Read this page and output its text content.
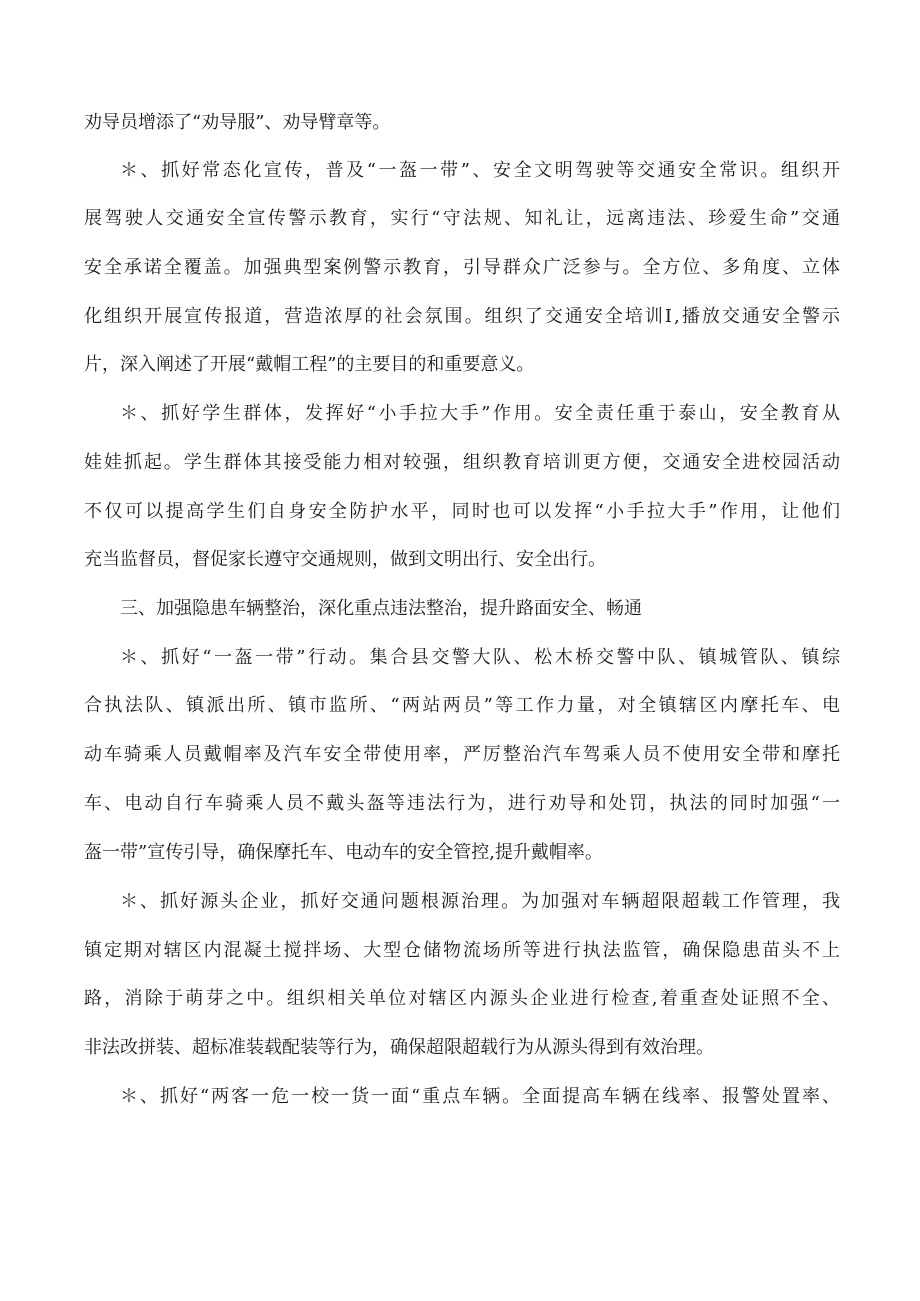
劝导员增添了“劝导服”、劝导臂章等。
＊、抓好常态化宣传，普及“一盔一带”、安全文明驾驶等交通安全常识。组织开
展驾驶人交通安全宣传警示教育，实行“守法规、知礼让，远离违法、珍爱生命”交通
安全承诺全覆盖。加强典型案例警示教育，引导群众广泛参与。全方位、多角度、立体
化组织开展宣传报道，营造浓厚的社会氛围。组织了交通安全培训Ⅰ,播放交通安全警示
片，深入阐述了开展“戴帽工程”的主要目的和重要意义。
＊、抓好学生群体，发挥好“小手拉大手”作用。安全责任重于泰山，安全教育从
娃娃抓起。学生群体其接受能力相对较强，组织教育培训更方便，交通安全进校园活动
不仅可以提高学生们自身安全防护水平，同时也可以发挥“小手拉大手”作用，让他们
充当监督员，督促家长遵守交通规则，做到文明出行、安全出行。
三、加强隐患车辆整治，深化重点违法整治，提升路面安全、畅通
＊、抓好“一盔一带”行动。集合县交警大队、松木桥交警中队、镇城管队、镇综
合执法队、镇派出所、镇市监所、“两站两员”等工作力量，对全镇辖区内摩托车、电
动车骑乘人员戴帽率及汽车安全带使用率，严厉整治汽车驾乘人员不使用安全带和摩托
车、电动自行车骑乘人员不戴头盔等违法行为，进行劝导和处罚，执法的同时加强“一
盔一带”宣传引导，确保摩托车、电动车的安全管控,提升戴帽率。
＊、抓好源头企业，抓好交通问题根源治理。为加强对车辆超限超载工作管理，我
镇定期对辖区内混凝土搅拌场、大型仓储物流场所等进行执法监管，确保隐患苗头不上
路，消除于萌芽之中。组织相关单位对辖区内源头企业进行检查,着重查处证照不全、
非法改拼装、超标准装载配装等行为，确保超限超载行为从源头得到有效治理。
＊、抓好“两客一危一校一货一面“重点车辆。全面提高车辆在线率、报警处置率、
